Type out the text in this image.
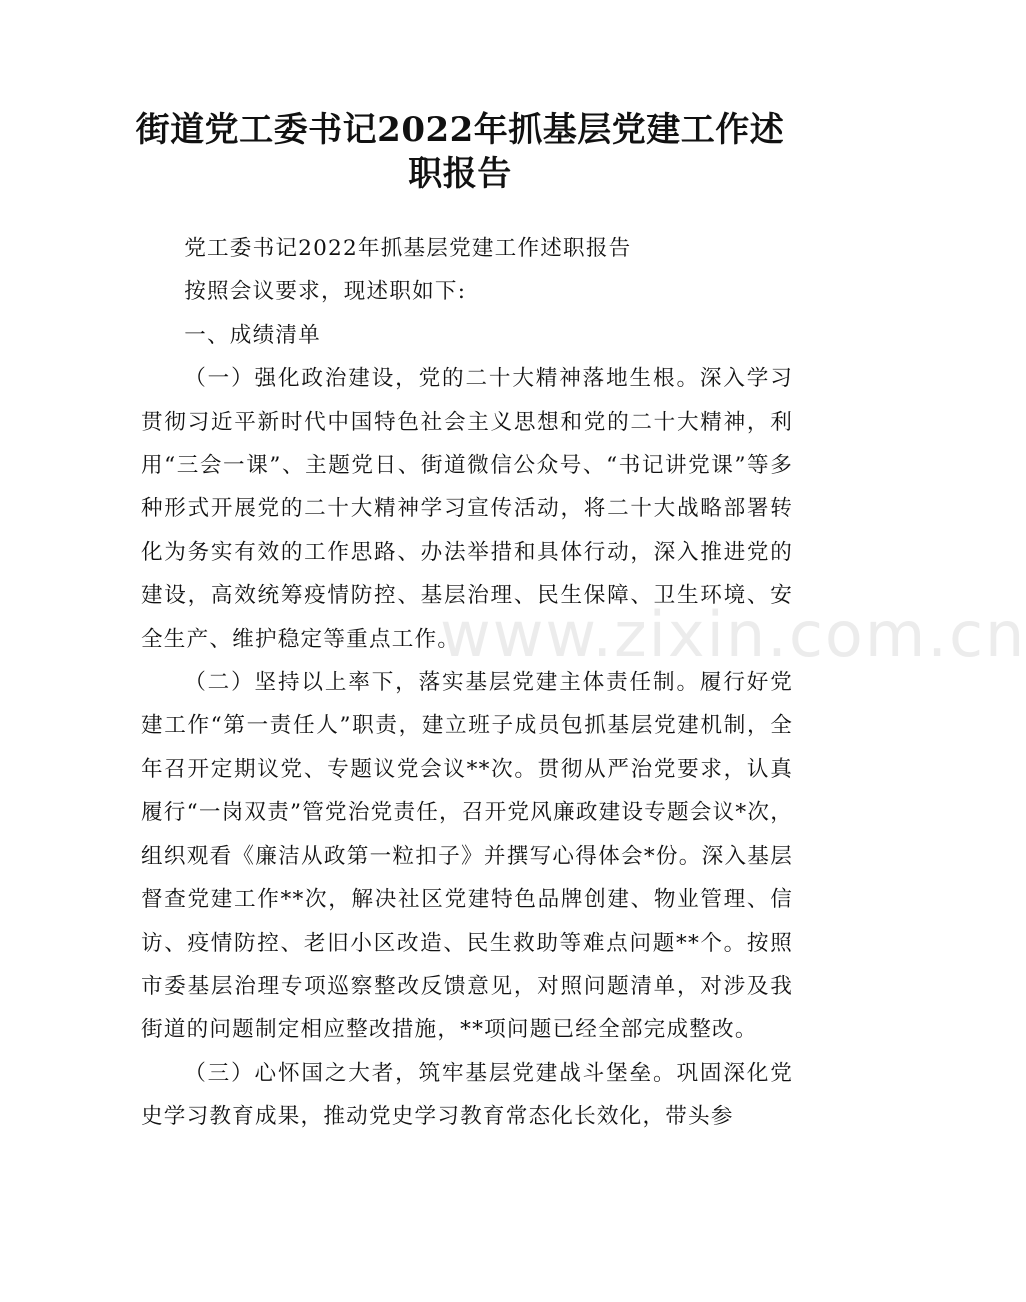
街道党工委书记2022年抓基层党建工作述职报告

党工委书记2022年抓基层党建工作述职报告

按照会议要求，现述职如下:

一、成绩清单

（一）强化政治建设，党的二十大精神落地生根。深入学习贯彻习近平新时代中国特色社会主义思想和党的二十大精神，利用“三会一课”、主题党日、街道微信公众号、“书记讲党课”等多种形式开展党的二十大精神学习宣传活动，将二十大战略部署转化为务实有效的工作思路、办法举措和具体行动，深入推进党的建设，高效统筹疫情防控、基层治理、民生保障、卫生环境、安全生产、维护稳定等重点工作。

（二）坚持以上率下，落实基层党建主体责任制。履行好党建工作“第一责任人”职责，建立班子成员包抓基层党建机制，全年召开定期议党、专题议党会议**次。贯彻从严治党要求，认真履行“一岗双责”管党治党责任，召开党风廉政建设专题会议*次，组织观看《廉洁从政第一粒扣子》并撰写心得体会*份。深入基层督查党建工作**次，解决社区党建特色品牌创建、物业管理、信访、疫情防控、老旧小区改造、民生救助等难点问题**个。按照市委基层治理专项巡察整改反馈意见，对照问题清单，对涉及我街道的问题制定相应整改措施，**项问题已经全部完成整改。

（三）心怀国之大者，筑牢基层党建战斗堡垒。巩固深化党史学习教育成果，推动党史学习教育常态化长效化，带头参

www.zixin.com.cn
